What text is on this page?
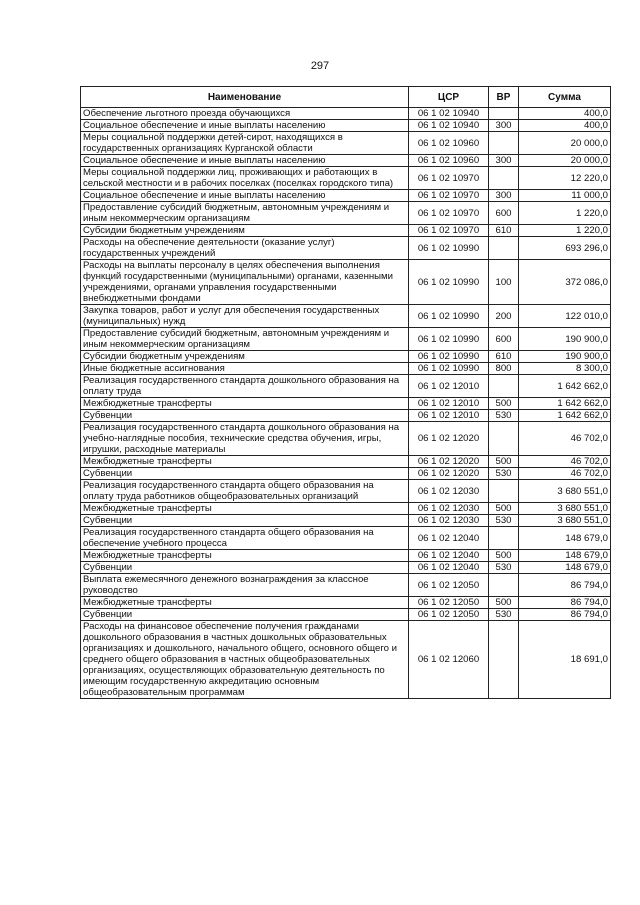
297
Наименование	ЦСР	ВР	Сумма
Обеспечение льготного проезда обучающихся	06 1 02 10940		400,0
Социальное обеспечение и иные выплаты населению	06 1 02 10940	300	400,0
Меры социальной поддержки детей-сирот, находящихся в государственных организациях Курганской области	06 1 02 10960		20 000,0
Социальное обеспечение и иные выплаты населению	06 1 02 10960	300	20 000,0
Меры социальной поддержки лиц, проживающих и работающих в сельской местности и в рабочих поселках (поселках городского типа)	06 1 02 10970		12 220,0
Социальное обеспечение и иные выплаты населению	06 1 02 10970	300	11 000,0
Предоставление субсидий бюджетным, автономным учреждениям и иным некоммерческим организациям	06 1 02 10970	600	1 220,0
Субсидии бюджетным учреждениям	06 1 02 10970	610	1 220,0
Расходы на обеспечение деятельности (оказание услуг) государственных учреждений	06 1 02 10990		693 296,0
Расходы на выплаты персоналу в целях обеспечения выполнения функций государственными (муниципальными) органами, казенными учреждениями, органами управления государственными внебюджетными фондами	06 1 02 10990	100	372 086,0
Закупка товаров, работ и услуг для обеспечения государственных (муниципальных) нужд	06 1 02 10990	200	122 010,0
Предоставление субсидий бюджетным, автономным учреждениям и иным некоммерческим организациям	06 1 02 10990	600	190 900,0
Субсидии бюджетным учреждениям	06 1 02 10990	610	190 900,0
Иные бюджетные ассигнования	06 1 02 10990	800	8 300,0
Реализация государственного стандарта дошкольного образования на оплату труда	06 1 02 12010		1 642 662,0
Межбюджетные трансферты	06 1 02 12010	500	1 642 662,0
Субвенции	06 1 02 12010	530	1 642 662,0
Реализация государственного стандарта дошкольного образования на учебно-наглядные пособия, технические средства обучения, игры, игрушки, расходные материалы	06 1 02 12020		46 702,0
Межбюджетные трансферты	06 1 02 12020	500	46 702,0
Субвенции	06 1 02 12020	530	46 702,0
Реализация государственного стандарта общего образования на оплату труда работников общеобразовательных организаций	06 1 02 12030		3 680 551,0
Межбюджетные трансферты	06 1 02 12030	500	3 680 551,0
Субвенции	06 1 02 12030	530	3 680 551,0
Реализация государственного стандарта общего образования на обеспечение учебного процесса	06 1 02 12040		148 679,0
Межбюджетные трансферты	06 1 02 12040	500	148 679,0
Субвенции	06 1 02 12040	530	148 679,0
Выплата ежемесячного денежного вознаграждения за классное руководство	06 1 02 12050		86 794,0
Межбюджетные трансферты	06 1 02 12050	500	86 794,0
Субвенции	06 1 02 12050	530	86 794,0
Расходы на финансовое обеспечение получения гражданами дошкольного образования в частных дошкольных образовательных организациях и дошкольного, начального общего, основного общего и среднего общего образования в частных общеобразовательных организациях, осуществляющих образовательную деятельность по имеющим государственную аккредитацию основным общеобразовательным программам	06 1 02 12060		18 691,0
